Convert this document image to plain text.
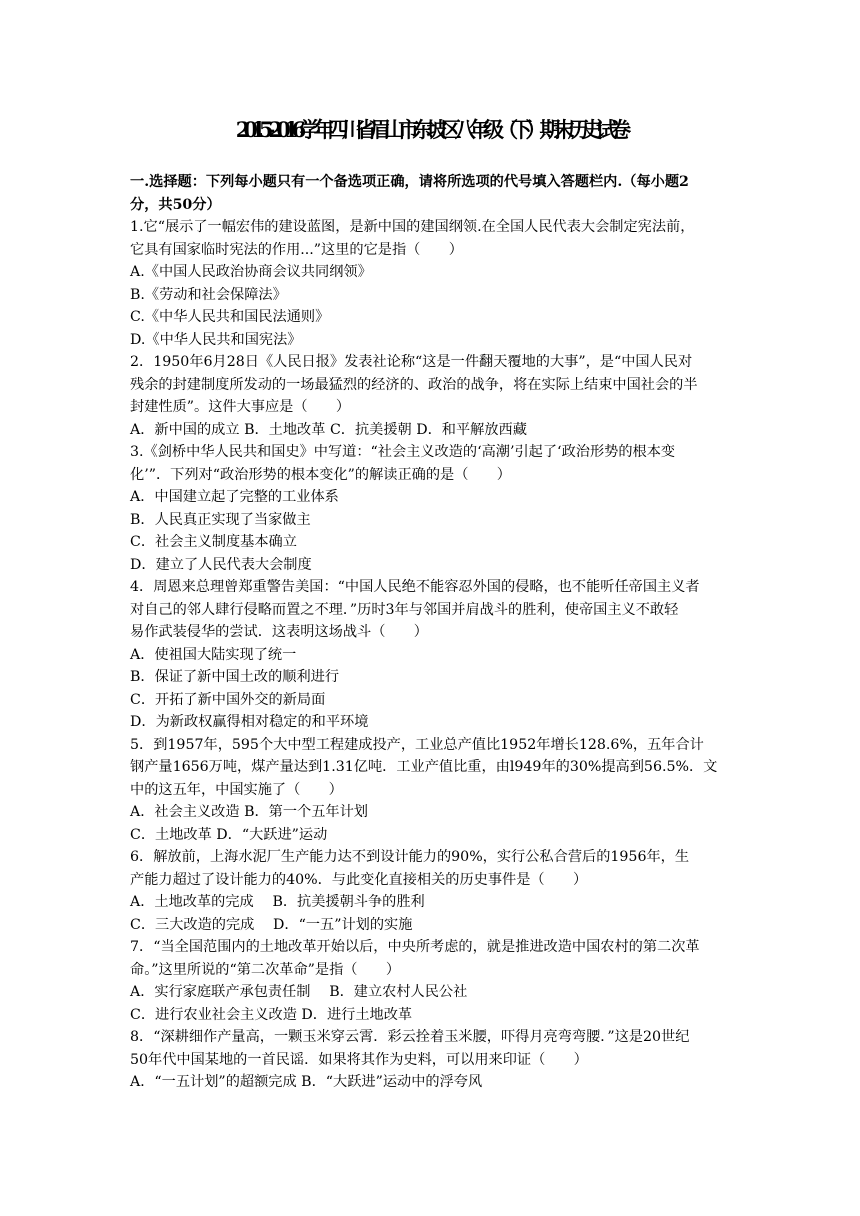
2015-2016学年四川省眉山市东坡区八年级（下）期末历史试卷
一.选择题：下列每小题只有一个备选项正确，请将所选项的代号填入答题栏内.（每小题2
分，共50分）
1.它“展示了一幅宏伟的建设蓝图，是新中国的建国纲领.在全国人民代表大会制定宪法前，
它具有国家临时宪法的作用...”这里的它是指（　　）
A.《中国人民政治协商会议共同纲领》
B.《劳动和社会保障法》
C.《中华人民共和国民法通则》
D.《中华人民共和国宪法》
2．1950年6月28日《人民日报》发表社论称“这是一件翻天覆地的大事”，是“中国人民对
残余的封建制度所发动的一场最猛烈的经济的、政治的战争，将在实际上结束中国社会的半
封建性质”。这件大事应是（　　）
A．新中国的成立 B．土地改革 C．抗美援朝 D．和平解放西藏
3.《剑桥中华人民共和国史》中写道：“社会主义改造的‘高潮’引起了‘政治形势的根本变
化’”．下列对“政治形势的根本变化”的解读正确的是（　　）
A．中国建立起了完整的工业体系
B．人民真正实现了当家做主
C．社会主义制度基本确立
D．建立了人民代表大会制度
4．周恩来总理曾郑重警告美国：“中国人民绝不能容忍外国的侵略，也不能听任帝国主义者
对自己的邻人肆行侵略而置之不理．”历时3年与邻国并肩战斗的胜利，使帝国主义不敢轻
易作武装侵华的尝试．这表明这场战斗（　　）
A．使祖国大陆实现了统一
B．保证了新中国土改的顺利进行
C．开拓了新中国外交的新局面
D．为新政权赢得相对稳定的和平环境
5．到1957年，595个大中型工程建成投产，工业总产值比1952年增长128.6%，五年合计
钢产量1656万吨，煤产量达到1.31亿吨．工业产值比重，由l949年的30%提高到56.5%．文
中的这五年，中国实施了（　　）
A．社会主义改造 B．第一个五年计划
C．土地改革 D．“大跃进”运动
6．解放前，上海水泥厂生产能力达不到设计能力的90%，实行公私合营后的1956年，生
产能力超过了设计能力的40%．与此变化直接相关的历史事件是（　　）
A．土地改革的完成　 B．抗美援朝斗争的胜利
C．三大改造的完成　 D．“一五”计划的实施
7．“当全国范围内的土地改革开始以后，中央所考虑的，就是推进改造中国农村的第二次革
命。”这里所说的“第二次革命”是指（　　）
A．实行家庭联产承包责任制　 B．建立农村人民公社
C．进行农业社会主义改造 D．进行土地改革
8．“深耕细作产量高，一颗玉米穿云霄．彩云拴着玉米腰，吓得月亮弯弯腰．”这是20世纪
50年代中国某地的一首民谣．如果将其作为史料，可以用来印证（　　）
A．“一五计划”的超额完成 B．“大跃进”运动中的浮夸风
